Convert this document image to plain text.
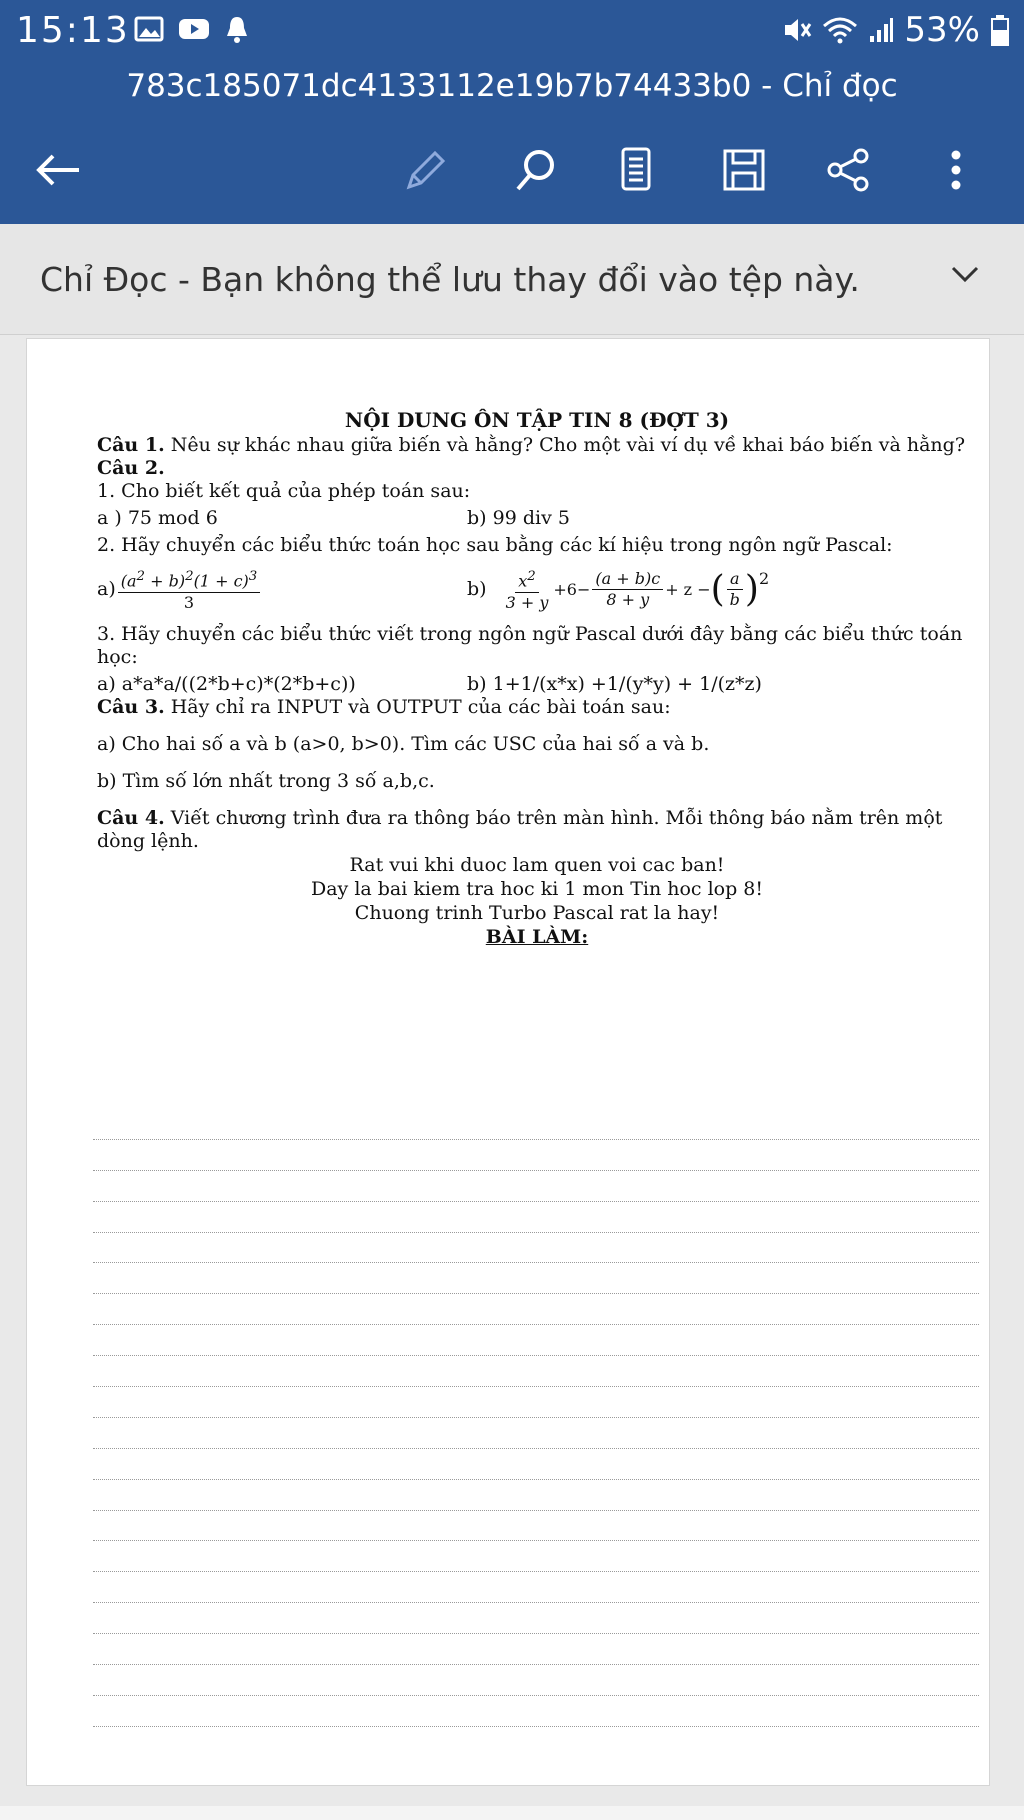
15:13	53%
783c185071dc4133112e19b7b74433b0 - Chỉ đọc
Chỉ Đọc - Bạn không thể lưu thay đổi vào tệp này.
NỘI DUNG ÔN TẬP TIN 8 (ĐỢT 3)
Câu 1. Nêu sự khác nhau giữa biến và hằng? Cho một vài ví dụ về khai báo biến và hằng?
Câu 2.
1. Cho biết kết quả của phép toán sau:
a ) 75 mod 6	b) 99 div 5
2. Hãy chuyển các biểu thức toán học sau bằng các kí hiệu trong ngôn ngữ Pascal:
$a) \frac{(a^2 + b)^2(1 + c)^3}{3}$	$b) \frac{x^2}{3 + y} +6- \frac{(a + b)c}{8 + y} + z$ − ( $\frac{a}{b} )^2$
3. Hãy chuyển các biểu thức viết trong ngôn ngữ Pascal dưới đây bằng các biểu thức toán học:
a) a*a*a/((2*b+c)*(2*b+c))	b) 1+1/(x*x) +1/(y*y) + 1/(z*z)
Câu 3. Hãy chỉ ra INPUT và OUTPUT của các bài toán sau:
a) Cho hai số a và b (a>0, b>0). Tìm các USC của hai số a và b.
b) Tìm số lớn nhất trong 3 số a,b,c.
Câu 4. Viết chương trình đưa ra thông báo trên màn hình. Mỗi thông báo nằm trên một dòng lệnh.
Rat vui khi duoc lam quen voi cac ban!
Day la bai kiem tra hoc ki 1 mon Tin hoc lop 8!
Chuong trinh Turbo Pascal rat la hay!
BÀI LÀM:
